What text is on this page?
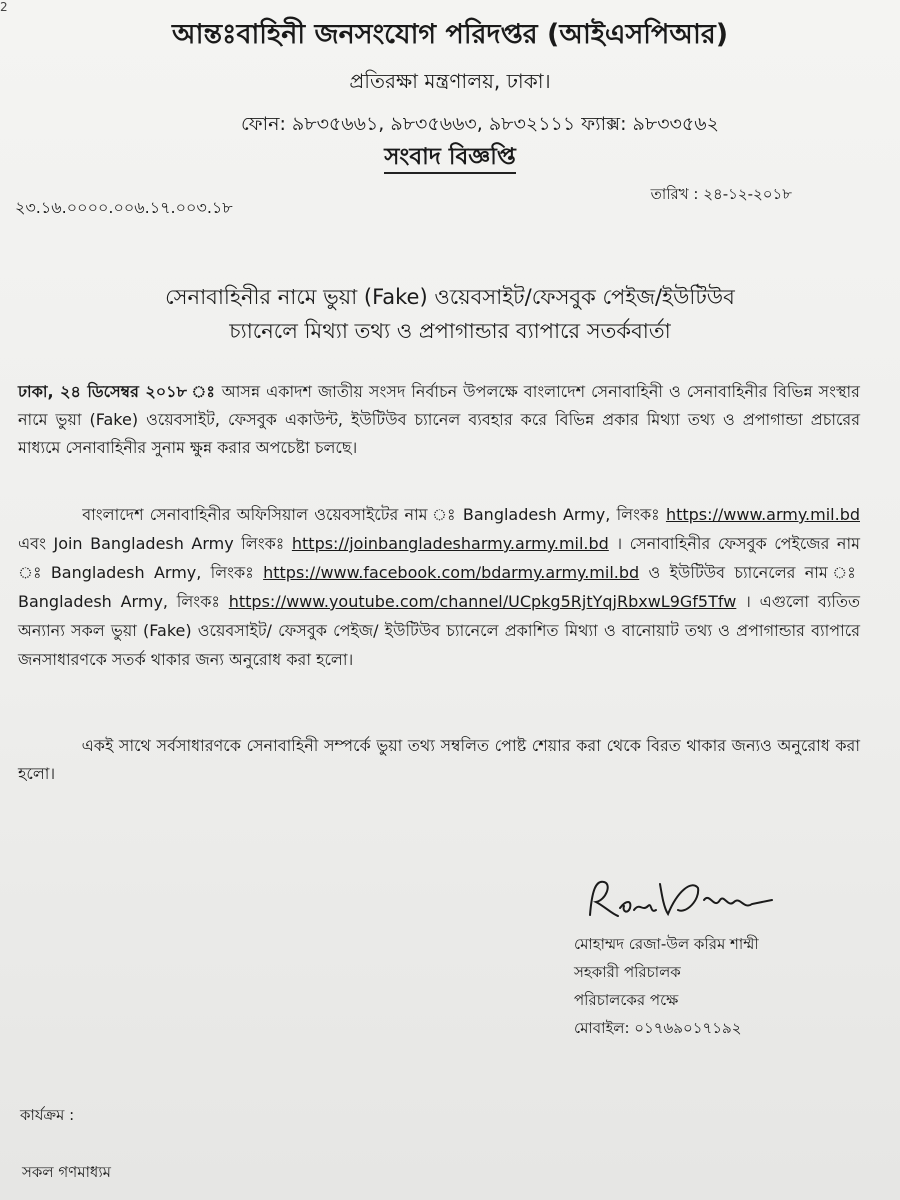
2

আন্তঃবাহিনী জনসংযোগ পরিদপ্তর (আইএসপিআর)

প্রতিরক্ষা মন্ত্রণালয়, ঢাকা।

ফোন: ৯৮৩৫৬৬১, ৯৮৩৫৬৬৩, ৯৮৩২১১১ ফ্যাক্স: ৯৮৩৩৫৬২

সংবাদ বিজ্ঞপ্তি
২৩.১৬.০০০০.০০৬.১৭.০০৩.১৮
তারিখ : ২৪-১২-২০১৮
সেনাবাহিনীর নামে ভুয়া (Fake) ওয়েবসাইট/ফেসবুক পেইজ/ইউটিউব
চ্যানেলে মিথ্যা তথ্য ও প্রপাগান্ডার ব্যাপারে সতর্কবার্তা

ঢাকা, ২৪ ডিসেম্বর ২০১৮ ঃ আসন্ন একাদশ জাতীয় সংসদ নির্বাচন উপলক্ষে বাংলাদেশ সেনাবাহিনী ও সেনাবাহিনীর বিভিন্ন সংস্থার নামে ভুয়া (Fake) ওয়েবসাইট, ফেসবুক একাউন্ট, ইউটিউব চ্যানেল ব্যবহার করে বিভিন্ন প্রকার মিথ্যা তথ্য ও প্রপাগান্ডা প্রচারের মাধ্যমে সেনাবাহিনীর সুনাম ক্ষুন্ন করার অপচেষ্টা চলছে।

বাংলাদেশ সেনাবাহিনীর অফিসিয়াল ওয়েবসাইটের নাম ঃ Bangladesh Army, লিংকঃ https://www.army.mil.bd এবং Join Bangladesh Army লিংকঃ https://joinbangladesharmy.army.mil.bd । সেনাবাহিনীর ফেসবুক পেইজের নাম ঃ Bangladesh Army, লিংকঃ https://www.facebook.com/bdarmy.army.mil.bd ও ইউটিউব চ্যানেলের নাম ঃ Bangladesh Army, লিংকঃ https://www.youtube.com/channel/UCpkg5RjtYqjRbxwL9Gf5Tfw । এগুলো ব্যতিত অন্যান্য সকল ভুয়া (Fake) ওয়েবসাইট/ ফেসবুক পেইজ/ ইউটিউব চ্যানেলে প্রকাশিত মিথ্যা ও বানোয়াট তথ্য ও প্রপাগান্ডার ব্যাপারে জনসাধারণকে সতর্ক থাকার জন্য অনুরোধ করা হলো।

একই সাথে সর্বসাধারণকে সেনাবাহিনী সম্পর্কে ভুয়া তথ্য সম্বলিত পোষ্ট শেয়ার করা থেকে বিরত থাকার জন্যও অনুরোধ করা হলো।

মোহাম্মদ রেজা-উল করিম শাম্মী
সহকারী পরিচালক
পরিচালকের পক্ষে
মোবাইল: ০১৭৬৯০১৭১৯২
কার্যক্রম :
সকল গণমাধ্যম
